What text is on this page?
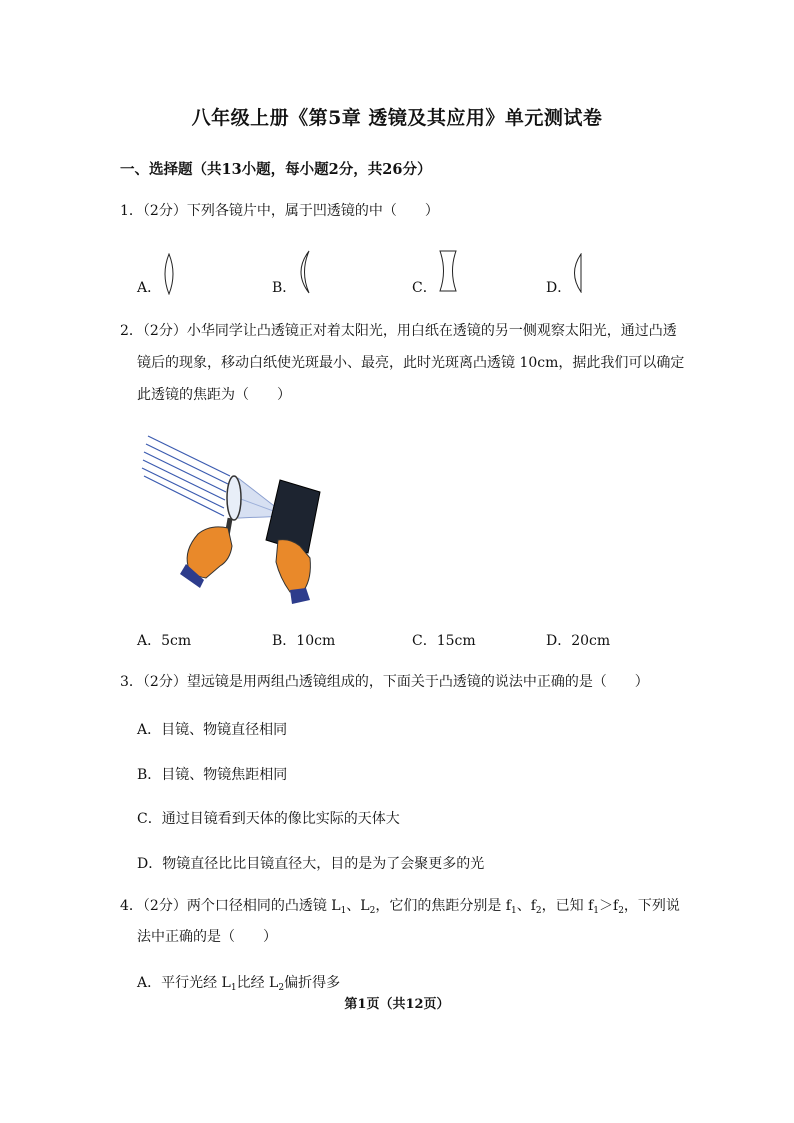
八年级上册《第5章 透镜及其应用》单元测试卷
一、选择题（共13小题，每小题2分，共26分）
1．（2分）下列各镜片中，属于凹透镜的中（　　）
A．	B．	C．	D．
2．（2分）小华同学让凸透镜正对着太阳光，用白纸在透镜的另一侧观察太阳光，通过凸透
镜后的现象，移动白纸使光斑最小、最亮，此时光斑离凸透镜 10cm，据此我们可以确定
此透镜的焦距为（　　）
A．5cm	B．10cm	C．15cm	D．20cm
3．（2分）望远镜是用两组凸透镜组成的，下面关于凸透镜的说法中正确的是（　　）
A．目镜、物镜直径相同
B．目镜、物镜焦距相同
C．通过目镜看到天体的像比实际的天体大
D．物镜直径比比目镜直径大，目的是为了会聚更多的光
4．（2分）两个口径相同的凸透镜 $L_1$、$L_2$，它们的焦距分别是 $f_1$、$f_2$，已知 $f_1>f_2$，下列说
法中正确的是（　　）
A．平行光经 $L_1$比经 $L_2$偏折得多
第1页（共12页）
